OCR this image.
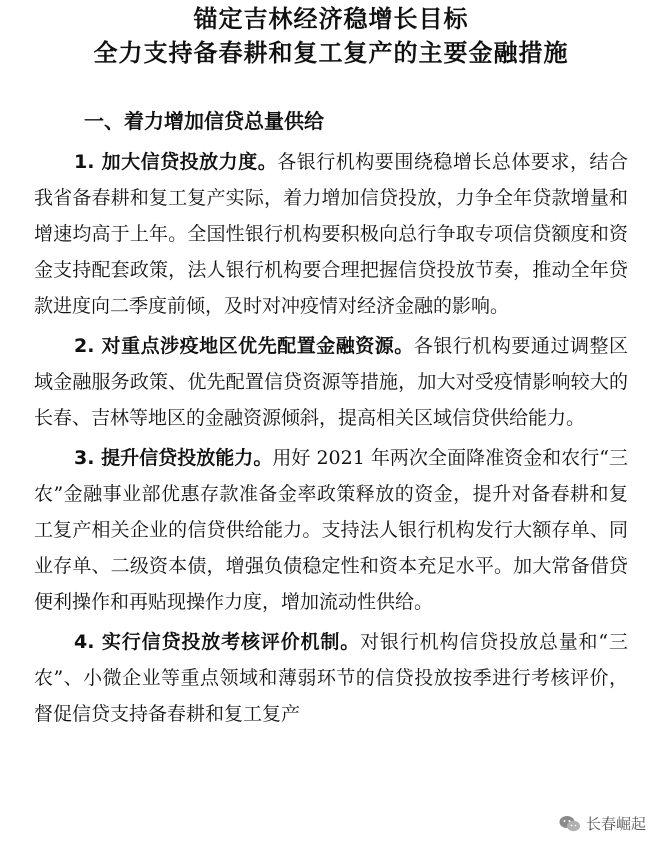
锚定吉林经济稳增长目标
全力支持备春耕和复工复产的主要金融措施
一、着力增加信贷总量供给

1. 加大信贷投放力度。各银行机构要围绕稳增长总体要求，结合我省备春耕和复工复产实际，着力增加信贷投放，力争全年贷款增量和增速均高于上年。全国性银行机构要积极向总行争取专项信贷额度和资金支持配套政策，法人银行机构要合理把握信贷投放节奏，推动全年贷款进度向二季度前倾，及时对冲疫情对经济金融的影响。

2. 对重点涉疫地区优先配置金融资源。各银行机构要通过调整区域金融服务政策、优先配置信贷资源等措施，加大对受疫情影响较大的长春、吉林等地区的金融资源倾斜，提高相关区域信贷供给能力。

3. 提升信贷投放能力。用好 2021 年两次全面降准资金和农行“三农”金融事业部优惠存款准备金率政策释放的资金，提升对备春耕和复工复产相关企业的信贷供给能力。支持法人银行机构发行大额存单、同业存单、二级资本债，增强负债稳定性和资本充足水平。加大常备借贷便利操作和再贴现操作力度，增加流动性供给。

4. 实行信贷投放考核评价机制。对银行机构信贷投放总量和“三农”、小微企业等重点领域和薄弱环节的信贷投放按季进行考核评价，督促信贷支持备春耕和复工复产

长春崛起
